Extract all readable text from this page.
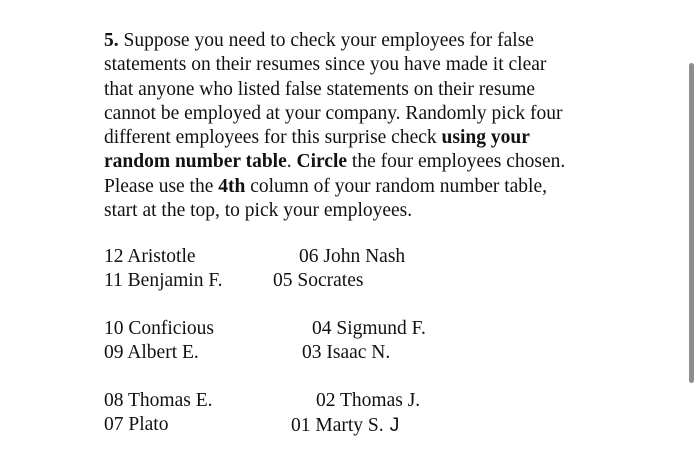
5. Suppose you need to check your employees for false
statements on their resumes since you have made it clear
that anyone who listed false statements on their resume
cannot be employed at your company. Randomly pick four
different employees for this surprise check using your
random number table. Circle the four employees chosen.
Please use the 4th column of your random number table,
start at the top, to pick your employees.
12 Aristotle
11 Benjamin F.
10 Conficious
09 Albert E.
08 Thomas E.
07 Plato
06 John Nash
05 Socrates
04 Sigmund F.
03 Isaac N.
02 Thomas J.
01 Marty S. J
